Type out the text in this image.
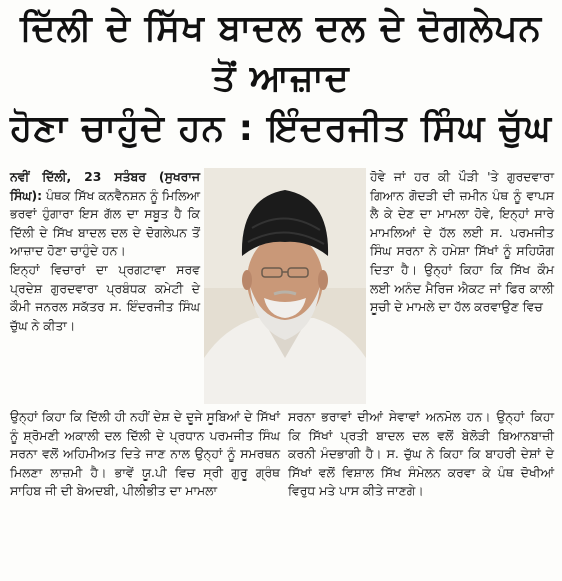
ਦਿੱਲੀ ਦੇ ਸਿੱਖ ਬਾਦਲ ਦਲ ਦੇ ਦੋਗਲੇਪਨ ਤੋਂ ਆਜ਼ਾਦ
ਹੋਣਾ ਚਾਹੁੰਦੇ ਹਨ : ਇੰਦਰਜੀਤ ਸਿੰਘ ਚੁੱਘ

ਨਵੀਂ ਦਿੱਲੀ, 23 ਸਤੰਬਰ (ਸੁਖਰਾਜ ਸਿੰਘ): ਪੰਥਕ ਸਿੱਖ ਕਨਵੈਨਸ਼ਨ ਨੂੰ ਮਿਲਿਆ ਭਰਵਾਂ ਹੁੰਗਾਰਾ ਇਸ ਗੱਲ ਦਾ ਸਬੂਤ ਹੈ ਕਿ ਦਿੱਲੀ ਦੇ ਸਿੱਖ ਬਾਦਲ ਦਲ ਦੇ ਦੋਗਲੇਪਨ ਤੋਂ ਆਜ਼ਾਦ ਹੋਣਾ ਚਾਹੁੰਦੇ ਹਨ।

ਇਨ੍ਹਾਂ ਵਿਚਾਰਾਂ ਦਾ ਪ੍ਰਗਟਾਵਾ ਸਰਵ ਪ੍ਰਦੇਸ਼ ਗੁਰਦਵਾਰਾ ਪ੍ਰਬੰਧਕ ਕਮੇਟੀ ਦੇ ਕੌਮੀ ਜਨਰਲ ਸਕੱਤਰ ਸ. ਇੰਦਰਜੀਤ ਸਿੰਘ ਚੁੱਘ ਨੇ ਕੀਤਾ।

ਹੋਵੇ ਜਾਂ ਹਰ ਕੀ ਪੌੜੀ 'ਤੇ ਗੁਰਦਵਾਰਾ ਗਿਆਨ ਗੋਦੜੀ ਦੀ ਜ਼ਮੀਨ ਪੰਥ ਨੂੰ ਵਾਪਸ ਲੈ ਕੇ ਦੇਣ ਦਾ ਮਾਮਲਾ ਹੋਵੇ, ਇਨ੍ਹਾਂ ਸਾਰੇ ਮਾਮਲਿਆਂ ਦੇ ਹੱਲ ਲਈ ਸ. ਪਰਮਜੀਤ ਸਿੰਘ ਸਰਨਾ ਨੇ ਹਮੇਸ਼ਾ ਸਿੱਖਾਂ ਨੂੰ ਸਹਿਯੋਗ ਦਿਤਾ ਹੈ। ਉਨ੍ਹਾਂ ਕਿਹਾ ਕਿ ਸਿੱਖ ਕੌਮ ਲਈ ਅਨੰਦ ਮੈਰਿਜ ਐਕਟ ਜਾਂ ਫਿਰ ਕਾਲੀ ਸੂਚੀ ਦੇ ਮਾਮਲੇ ਦਾ ਹੱਲ ਕਰਵਾਉਣ ਵਿਚ

ਉਨ੍ਹਾਂ ਕਿਹਾ ਕਿ ਦਿੱਲੀ ਹੀ ਨਹੀਂ ਦੇਸ਼ ਦੇ ਦੂਜੇ ਸੂਬਿਆਂ ਦੇ ਸਿੱਖਾਂ ਨੂੰ ਸ਼੍ਰੋਮਣੀ ਅਕਾਲੀ ਦਲ ਦਿੱਲੀ ਦੇ ਪ੍ਰਧਾਨ ਪਰਮਜੀਤ ਸਿੰਘ ਸਰਨਾ ਵਲੋਂ ਅਹਿਮੀਅਤ ਦਿਤੇ ਜਾਣ ਨਾਲ ਉਨ੍ਹਾਂ ਨੂੰ ਸਮਰਥਨ ਮਿਲਣਾ ਲਾਜ਼ਮੀ ਹੈ। ਭਾਵੇਂ ਯੂ.ਪੀ ਵਿਚ ਸ੍ਰੀ ਗੁਰੂ ਗ੍ਰੰਥ ਸਾਹਿਬ ਜੀ ਦੀ ਬੇਅਦਬੀ, ਪੀਲੀਭੀਤ ਦਾ ਮਾਮਲਾ

ਸਰਨਾ ਭਰਾਵਾਂ ਦੀਆਂ ਸੇਵਾਵਾਂ ਅਨਮੋਲ ਹਨ। ਉਨ੍ਹਾਂ ਕਿਹਾ ਕਿ ਸਿੱਖਾਂ ਪ੍ਰਤੀ ਬਾਦਲ ਦਲ ਵਲੋਂ ਬੇਲੋੜੀ ਬਿਆਨਬਾਜ਼ੀ ਕਰਨੀ ਮੰਦਭਾਗੀ ਹੈ। ਸ. ਚੁੱਘ ਨੇ ਕਿਹਾ ਕਿ ਬਾਹਰੀ ਦੇਸ਼ਾਂ ਦੇ ਸਿੱਖਾਂ ਵਲੋਂ ਵਿਸ਼ਾਲ ਸਿੱਖ ਸੰਮੇਲਨ ਕਰਵਾ ਕੇ ਪੰਥ ਦੋਖੀਆਂ ਵਿਰੁਧ ਮਤੇ ਪਾਸ ਕੀਤੇ ਜਾਣਗੇ।
